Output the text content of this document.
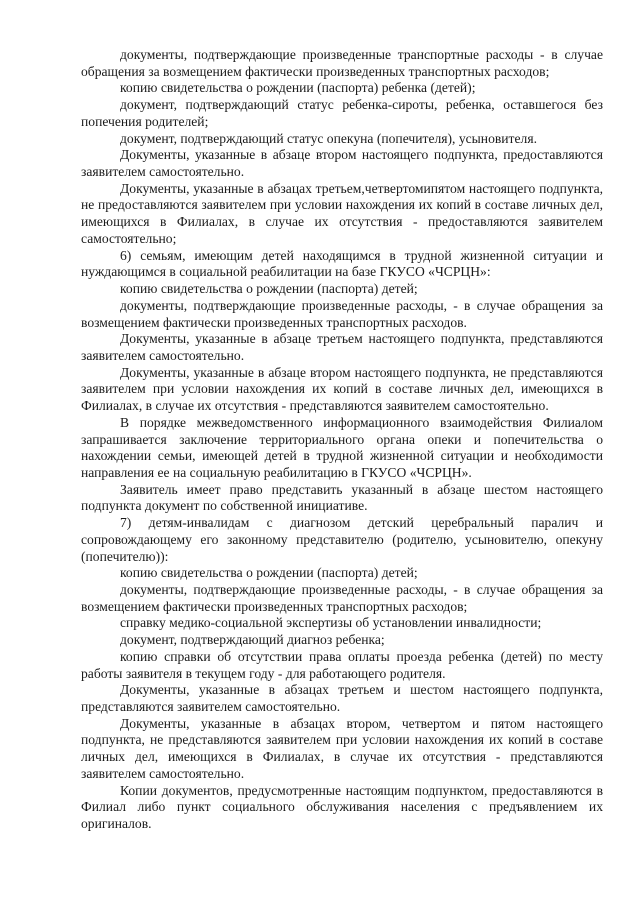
документы, подтверждающие произведенные транспортные расходы - в случае обращения за возмещением фактически произведенных транспортных расходов;

копию свидетельства о рождении (паспорта) ребенка (детей);

документ, подтверждающий статус ребенка-сироты, ребенка, оставшегося без попечения родителей;

документ, подтверждающий статус опекуна (попечителя), усыновителя.

Документы, указанные в абзаце втором настоящего подпункта, предоставляются заявителем самостоятельно.

Документы, указанные в абзацах третьем,четвертомипятом настоящего подпункта, не предоставляются заявителем при условии нахождения их копий в составе личных дел, имеющихся в Филиалах, в случае их отсутствия - предоставляются заявителем самостоятельно;

6) семьям, имеющим детей находящимся в трудной жизненной ситуации и нуждающимся в социальной реабилитации на базе ГКУСО «ЧСРЦН»:

копию свидетельства о рождении (паспорта) детей;

документы, подтверждающие произведенные расходы, - в случае обращения за возмещением фактически произведенных транспортных расходов.

Документы, указанные в абзаце третьем настоящего подпункта, представляются заявителем самостоятельно.

Документы, указанные в абзаце втором настоящего подпункта, не представляются заявителем при условии нахождения их копий в составе личных дел, имеющихся в Филиалах, в случае их отсутствия - представляются заявителем самостоятельно.

В порядке межведомственного информационного взаимодействия Филиалом запрашивается заключение территориального органа опеки и попечительства о нахождении семьи, имеющей детей в трудной жизненной ситуации и необходимости направления ее на социальную реабилитацию в ГКУСО «ЧСРЦН».

Заявитель имеет право представить указанный в абзаце шестом настоящего подпункта документ по собственной инициативе.

7) детям-инвалидам с диагнозом детский церебральный паралич и сопровождающему его законному представителю (родителю, усыновителю, опекуну (попечителю)):

копию свидетельства о рождении (паспорта) детей;

документы, подтверждающие произведенные расходы, - в случае обращения за возмещением фактически произведенных транспортных расходов;

справку медико-социальной экспертизы об установлении инвалидности;

документ, подтверждающий диагноз ребенка;

копию справки об отсутствии права оплаты проезда ребенка (детей) по месту работы заявителя в текущем году - для работающего родителя.

Документы, указанные в абзацах третьем и шестом настоящего подпункта, представляются заявителем самостоятельно.

Документы, указанные в абзацах втором, четвертом и пятом настоящего подпункта, не представляются заявителем при условии нахождения их копий в составе личных дел, имеющихся в Филиалах, в случае их отсутствия - представляются заявителем самостоятельно.

Копии документов, предусмотренные настоящим подпунктом, предоставляются в Филиал либо пункт социального обслуживания населения с предъявлением их оригиналов.
